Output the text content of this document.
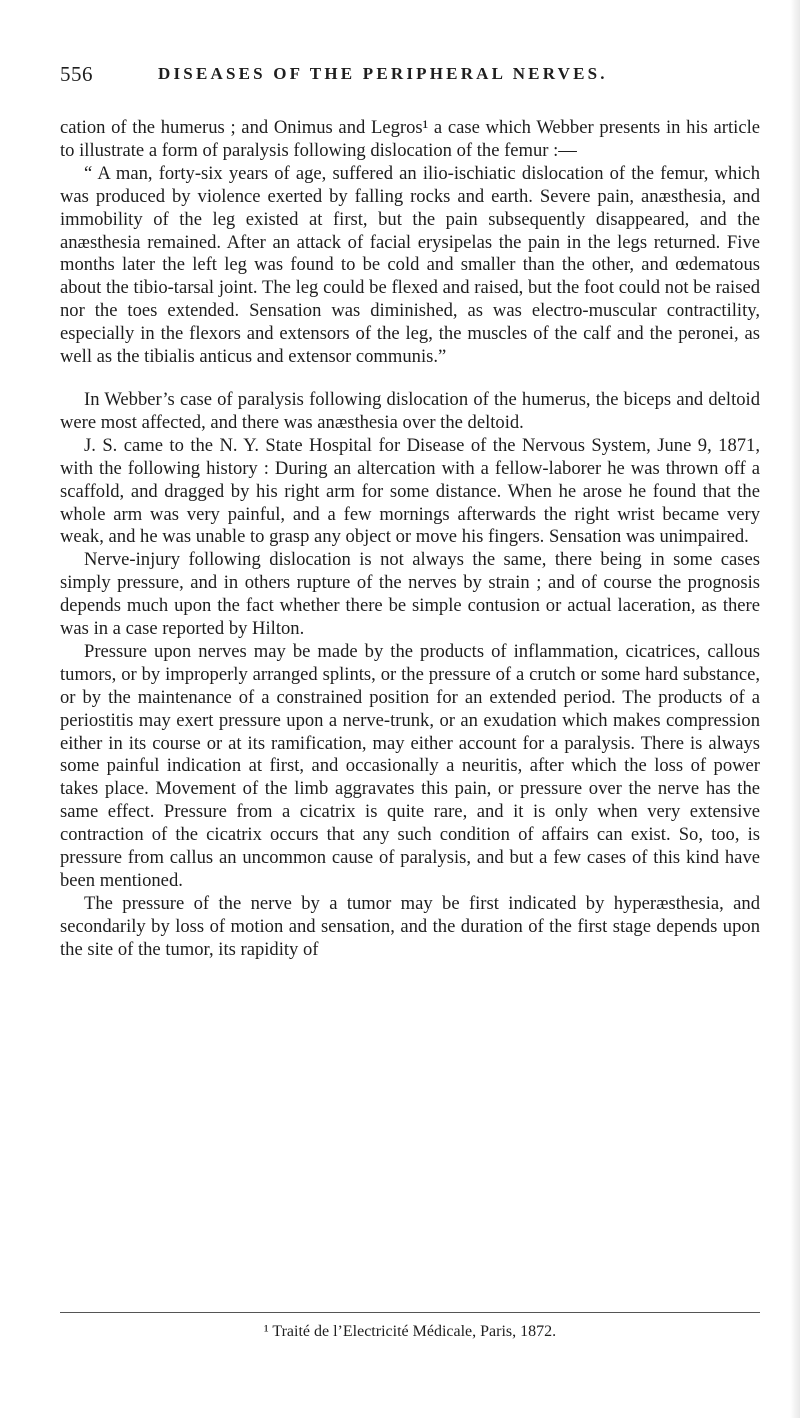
556	DISEASES OF THE PERIPHERAL NERVES.

cation of the humerus ; and Onimus and Legros¹ a case which Webber presents in his article to illustrate a form of paralysis following dislocation of the femur :—

“ A man, forty-six years of age, suffered an ilio-ischiatic dislocation of the femur, which was produced by violence exerted by falling rocks and earth. Severe pain, anæsthesia, and immobility of the leg existed at first, but the pain subsequently disappeared, and the anæsthesia remained. After an attack of facial erysipelas the pain in the legs returned. Five months later the left leg was found to be cold and smaller than the other, and œdematous about the tibio-tarsal joint. The leg could be flexed and raised, but the foot could not be raised nor the toes extended. Sensation was diminished, as was electro-muscular contractility, especially in the flexors and extensors of the leg, the muscles of the calf and the peronei, as well as the tibialis anticus and extensor communis.”

In Webber’s case of paralysis following dislocation of the humerus, the biceps and deltoid were most affected, and there was anæsthesia over the deltoid.

J. S. came to the N. Y. State Hospital for Disease of the Nervous System, June 9, 1871, with the following history : During an altercation with a fellow-laborer he was thrown off a scaffold, and dragged by his right arm for some distance. When he arose he found that the whole arm was very painful, and a few mornings afterwards the right wrist became very weak, and he was unable to grasp any object or move his fingers. Sensation was unimpaired.

Nerve-injury following dislocation is not always the same, there being in some cases simply pressure, and in others rupture of the nerves by strain ; and of course the prognosis depends much upon the fact whether there be simple contusion or actual laceration, as there was in a case reported by Hilton.

Pressure upon nerves may be made by the products of inflammation, cicatrices, callous tumors, or by improperly arranged splints, or the pressure of a crutch or some hard substance, or by the maintenance of a constrained position for an extended period. The products of a periostitis may exert pressure upon a nerve-trunk, or an exudation which makes compression either in its course or at its ramification, may either account for a paralysis. There is always some painful indication at first, and occasionally a neuritis, after which the loss of power takes place. Movement of the limb aggravates this pain, or pressure over the nerve has the same effect. Pressure from a cicatrix is quite rare, and it is only when very extensive contraction of the cicatrix occurs that any such condition of affairs can exist. So, too, is pressure from callus an uncommon cause of paralysis, and but a few cases of this kind have been mentioned.

The pressure of the nerve by a tumor may be first indicated by hyperæsthesia, and secondarily by loss of motion and sensation, and the duration of the first stage depends upon the site of the tumor, its rapidity of

¹ Traité de l’Electricité Médicale, Paris, 1872.
